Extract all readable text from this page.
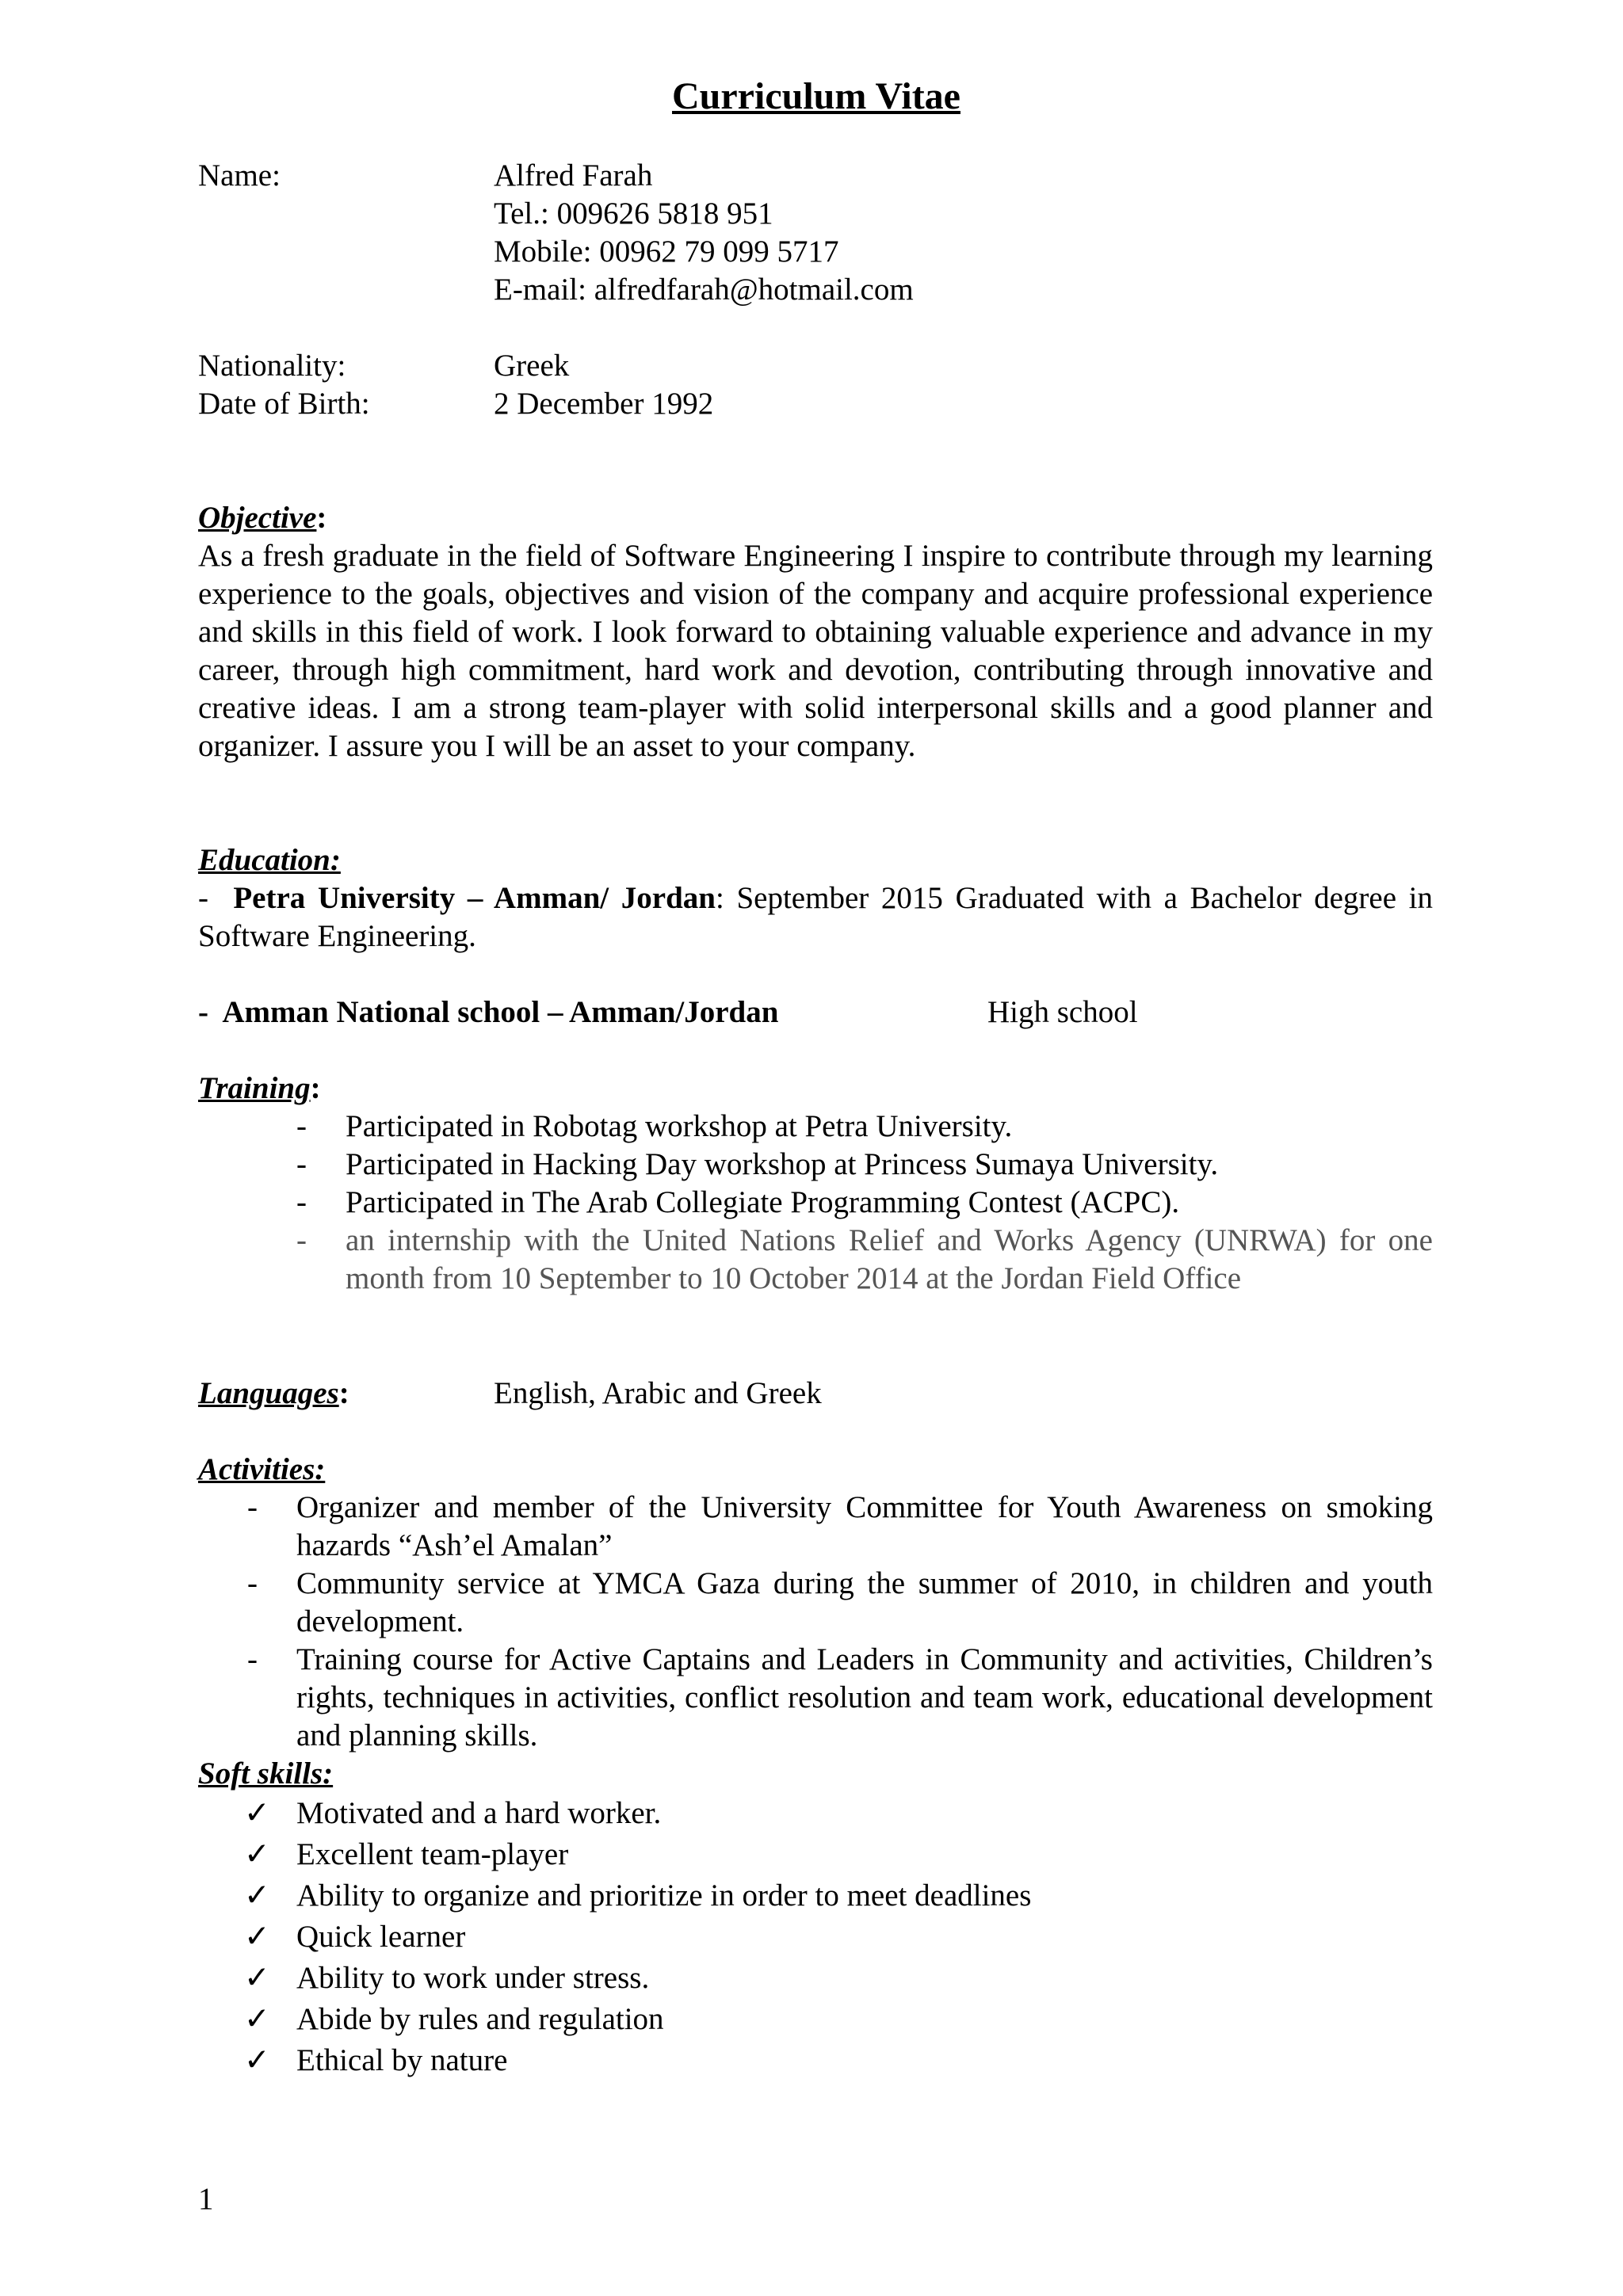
Curriculum Vitae
Name:	Alfred Farah
Tel.: 009626 5818 951
Mobile: 00962 79 099 5717
E-mail: alfredfarah@hotmail.com
Nationality:	Greek
Date of Birth:	2 December 1992
Objective:
As a fresh graduate in the field of Software Engineering I inspire to contribute through my learning experience to the goals, objectives and vision of the company and acquire professional experience and skills in this field of work. I look forward to obtaining valuable experience and advance in my career, through high commitment, hard work and devotion, contributing through innovative and creative ideas. I am a strong team-player with solid interpersonal skills and a good planner and organizer. I assure you I will be an asset to your company.
Education:
- Petra University – Amman/ Jordan: September 2015 Graduated with a Bachelor degree in Software Engineering.
- Amman National school – Amman/Jordan	High school
Training:
- Participated in Robotag workshop at Petra University.
- Participated in Hacking Day workshop at Princess Sumaya University.
- Participated in The Arab Collegiate Programming Contest (ACPC).
- an internship with the United Nations Relief and Works Agency (UNRWA) for one month from 10 September to 10 October 2014 at the Jordan Field Office
Languages:	English, Arabic and Greek
Activities:
- Organizer and member of the University Committee for Youth Awareness on smoking hazards “Ash’el Amalan”
- Community service at YMCA Gaza during the summer of 2010, in children and youth development.
- Training course for Active Captains and Leaders in Community and activities, Children’s rights, techniques in activities, conflict resolution and team work, educational development and planning skills.
Soft skills:
✓ Motivated and a hard worker.
✓ Excellent team-player
✓ Ability to organize and prioritize in order to meet deadlines
✓ Quick learner
✓ Ability to work under stress.
✓ Abide by rules and regulation
✓ Ethical by nature
1
